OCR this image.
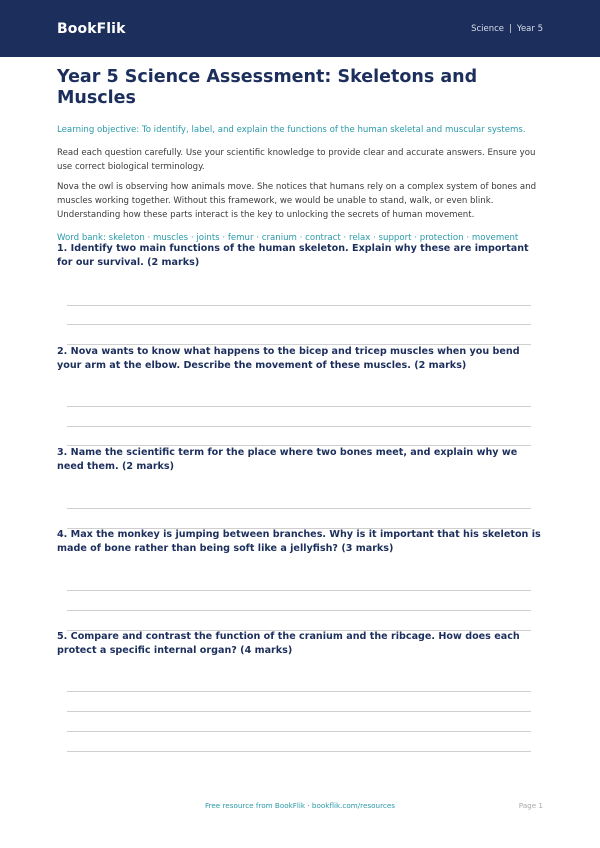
BookFlik	Science | Year 5
Year 5 Science Assessment: Skeletons and Muscles
Learning objective: To identify, label, and explain the functions of the human skeletal and muscular systems.
Read each question carefully. Use your scientific knowledge to provide clear and accurate answers. Ensure you use correct biological terminology.
Nova the owl is observing how animals move. She notices that humans rely on a complex system of bones and muscles working together. Without this framework, we would be unable to stand, walk, or even blink. Understanding how these parts interact is the key to unlocking the secrets of human movement.
Word bank: skeleton · muscles · joints · femur · cranium · contract · relax · support · protection · movement
1. Identify two main functions of the human skeleton. Explain why these are important for our survival. (2 marks)
2. Nova wants to know what happens to the bicep and tricep muscles when you bend your arm at the elbow. Describe the movement of these muscles. (2 marks)
3. Name the scientific term for the place where two bones meet, and explain why we need them. (2 marks)
4. Max the monkey is jumping between branches. Why is it important that his skeleton is made of bone rather than being soft like a jellyfish? (3 marks)
5. Compare and contrast the function of the cranium and the ribcage. How does each protect a specific internal organ? (4 marks)
Free resource from BookFlik · bookflik.com/resources	Page 1
